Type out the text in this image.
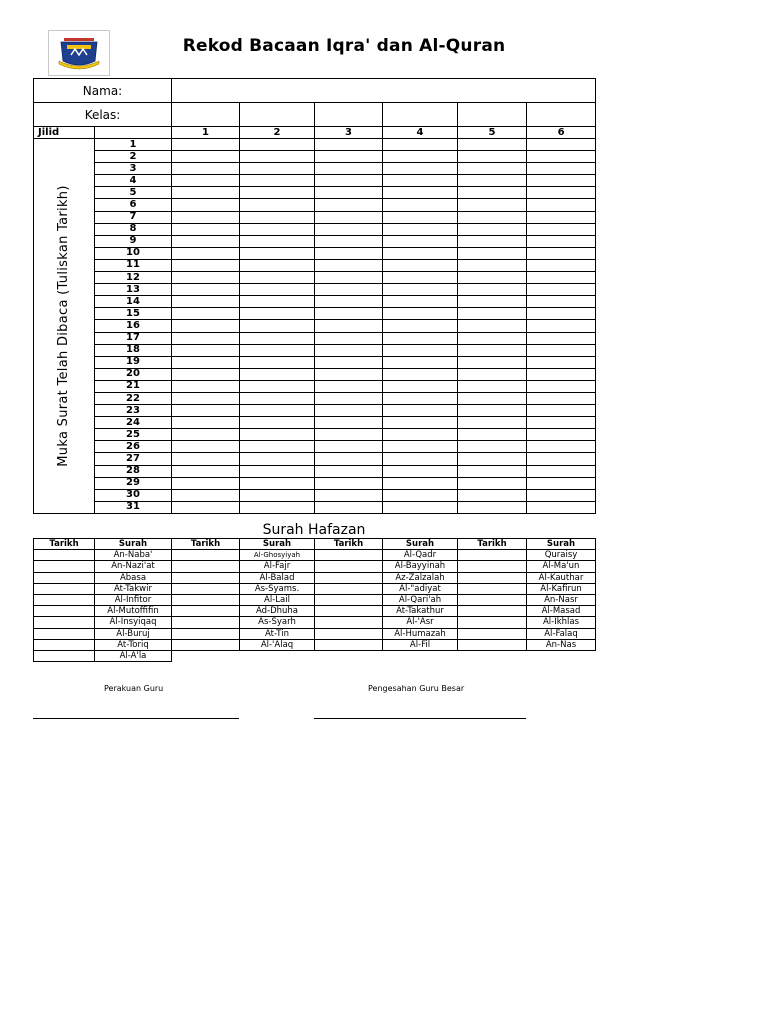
Rekod Bacaan Iqra' dan Al-Quran
Nama:							
Kelas:							
Jilid		1	2	3	4	5	6

Muka Surat Telah Dibaca (Tuliskan Tarikh)	1						
	2						
	3						
	4						
	5						
	6						
	7						
	8						
	9						
	10						
	11						
	12						
	13						
	14						
	15						
	16						
	17						
	18						
	19						
	20						
	21						
	22						
	23						
	24						
	25						
	26						
	27						
	28						
	29						
	30						
	31						
Surah Hafazan
Tarikh	Surah	Tarikh	Surah	Tarikh	Surah	Tarikh	Surah
	An-Naba'		Al-Ghosyiyah		Al-Qadr		Quraisy
	An-Nazi'at		Al-Fajr		Al-Bayyinah		Al-Ma'un
	Abasa		Al-Balad		Az-Zalzalah		Al-Kauthar
	At-Takwir		As-Syams.		Al-"adiyat		Al-Kafirun
	Al-Infitor		Al-Lail		Al-Qari'ah		An-Nasr
	Al-Mutoffifin		Ad-Dhuha		At-Takathur		Al-Masad
	Al-Insyiqaq		As-Syarh		Al-'Asr		Al-Ikhlas
	Al-Buruj		At-Tin		Al-Humazah		Al-Falaq
	At-Toriq		Al-'Alaq		Al-Fil		An-Nas
	Al-A'la						
Perakuan Guru	Pengesahan Guru Besar
